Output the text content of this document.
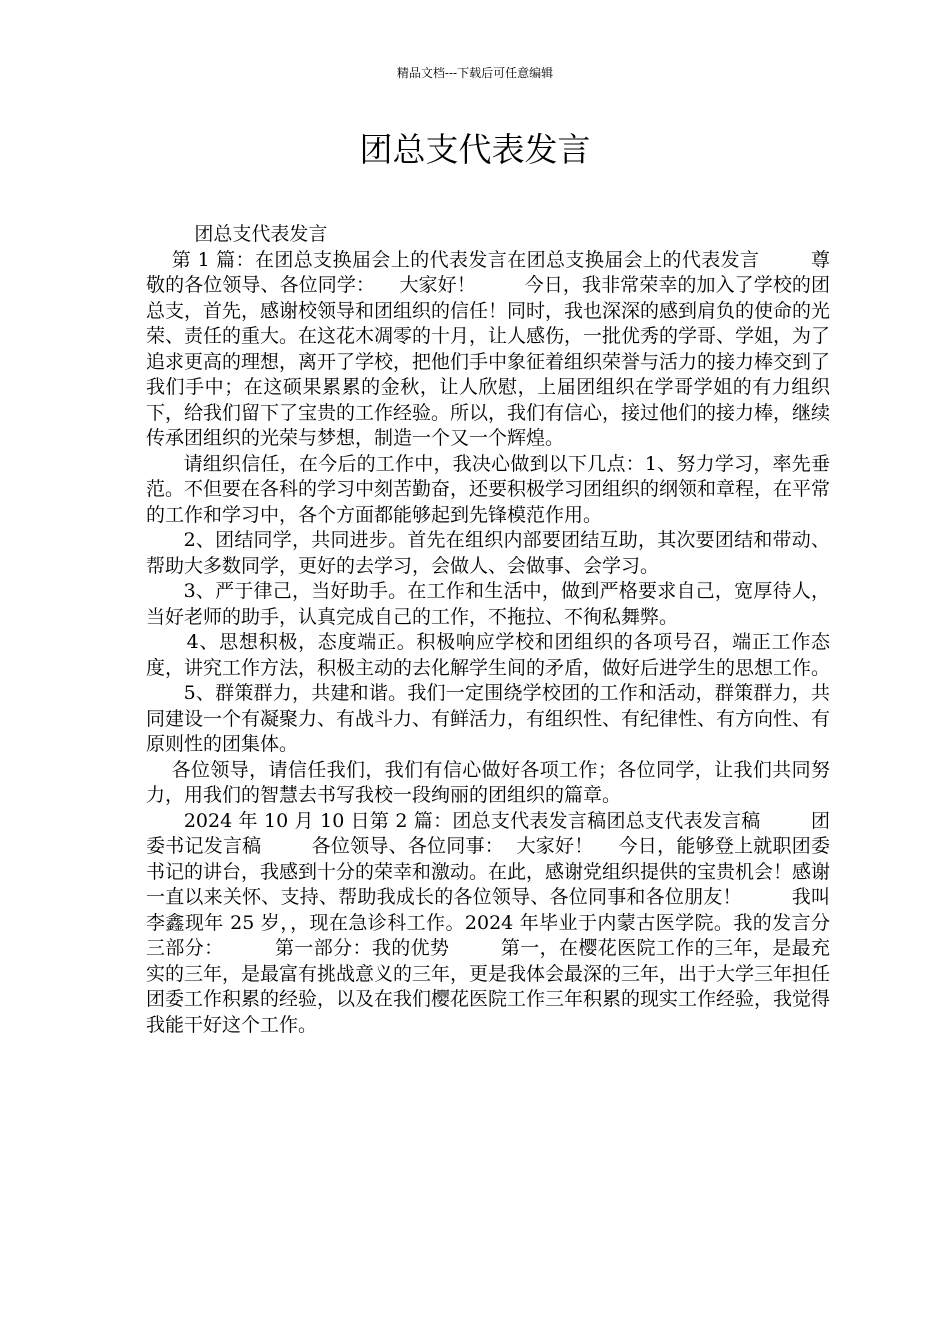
精品文档---下载后可任意编辑
团总支代表发言

团总支代表发言

第 1 篇：在团总支换届会上的代表发言在团总支换届会上的代表发言        尊敬的各位领导、各位同学：    大家好！        今日，我非常荣幸的加入了学校的团总支，首先，感谢校领导和团组织的信任！同时，我也深深的感到肩负的使命的光荣、责任的重大。在这花木凋零的十月，让人感伤，一批优秀的学哥、学姐，为了追求更高的理想，离开了学校，把他们手中象征着组织荣誉与活力的接力棒交到了我们手中；在这硕果累累的金秋，让人欣慰，上届团组织在学哥学姐的有力组织下，给我们留下了宝贵的工作经验。所以，我们有信心，接过他们的接力棒，继续传承团组织的光荣与梦想，制造一个又一个辉煌。

请组织信任，在今后的工作中，我决心做到以下几点：1、努力学习，率先垂范。不但要在各科的学习中刻苦勤奋，还要积极学习团组织的纲领和章程，在平常的工作和学习中，各个方面都能够起到先锋模范作用。

2、团结同学，共同进步。首先在组织内部要团结互助，其次要团结和带动、帮助大多数同学，更好的去学习，会做人、会做事、会学习。

3、严于律己，当好助手。在工作和生活中，做到严格要求自己，宽厚待人，当好老师的助手，认真完成自己的工作，不拖拉、不徇私舞弊。

4、思想积极，态度端正。积极响应学校和团组织的各项号召，端正工作态度，讲究工作方法，积极主动的去化解学生间的矛盾，做好后进学生的思想工作。

5、群策群力，共建和谐。我们一定围绕学校团的工作和活动，群策群力，共同建设一个有凝聚力、有战斗力、有鲜活力，有组织性、有纪律性、有方向性、有原则性的团集体。

各位领导，请信任我们，我们有信心做好各项工作；各位同学，让我们共同努力，用我们的智慧去书写我校一段绚丽的团组织的篇章。

2024 年 10 月 10 日第 2 篇：团总支代表发言稿团总支代表发言稿        团委书记发言稿        各位领导、各位同事：  大家好！    今日，能够登上就职团委书记的讲台，我感到十分的荣幸和激动。在此，感谢党组织提供的宝贵机会！感谢一直以来关怀、支持、帮助我成长的各位领导、各位同事和各位朋友！        我叫李鑫现年 25 岁，，现在急诊科工作。2024 年毕业于内蒙古医学院。我的发言分三部分：        第一部分：我的优势        第一，在樱花医院工作的三年，是最充实的三年，是最富有挑战意义的三年，更是我体会最深的三年，出于大学三年担任团委工作积累的经验，以及在我们樱花医院工作三年积累的现实工作经验，我觉得我能干好这个工作。
